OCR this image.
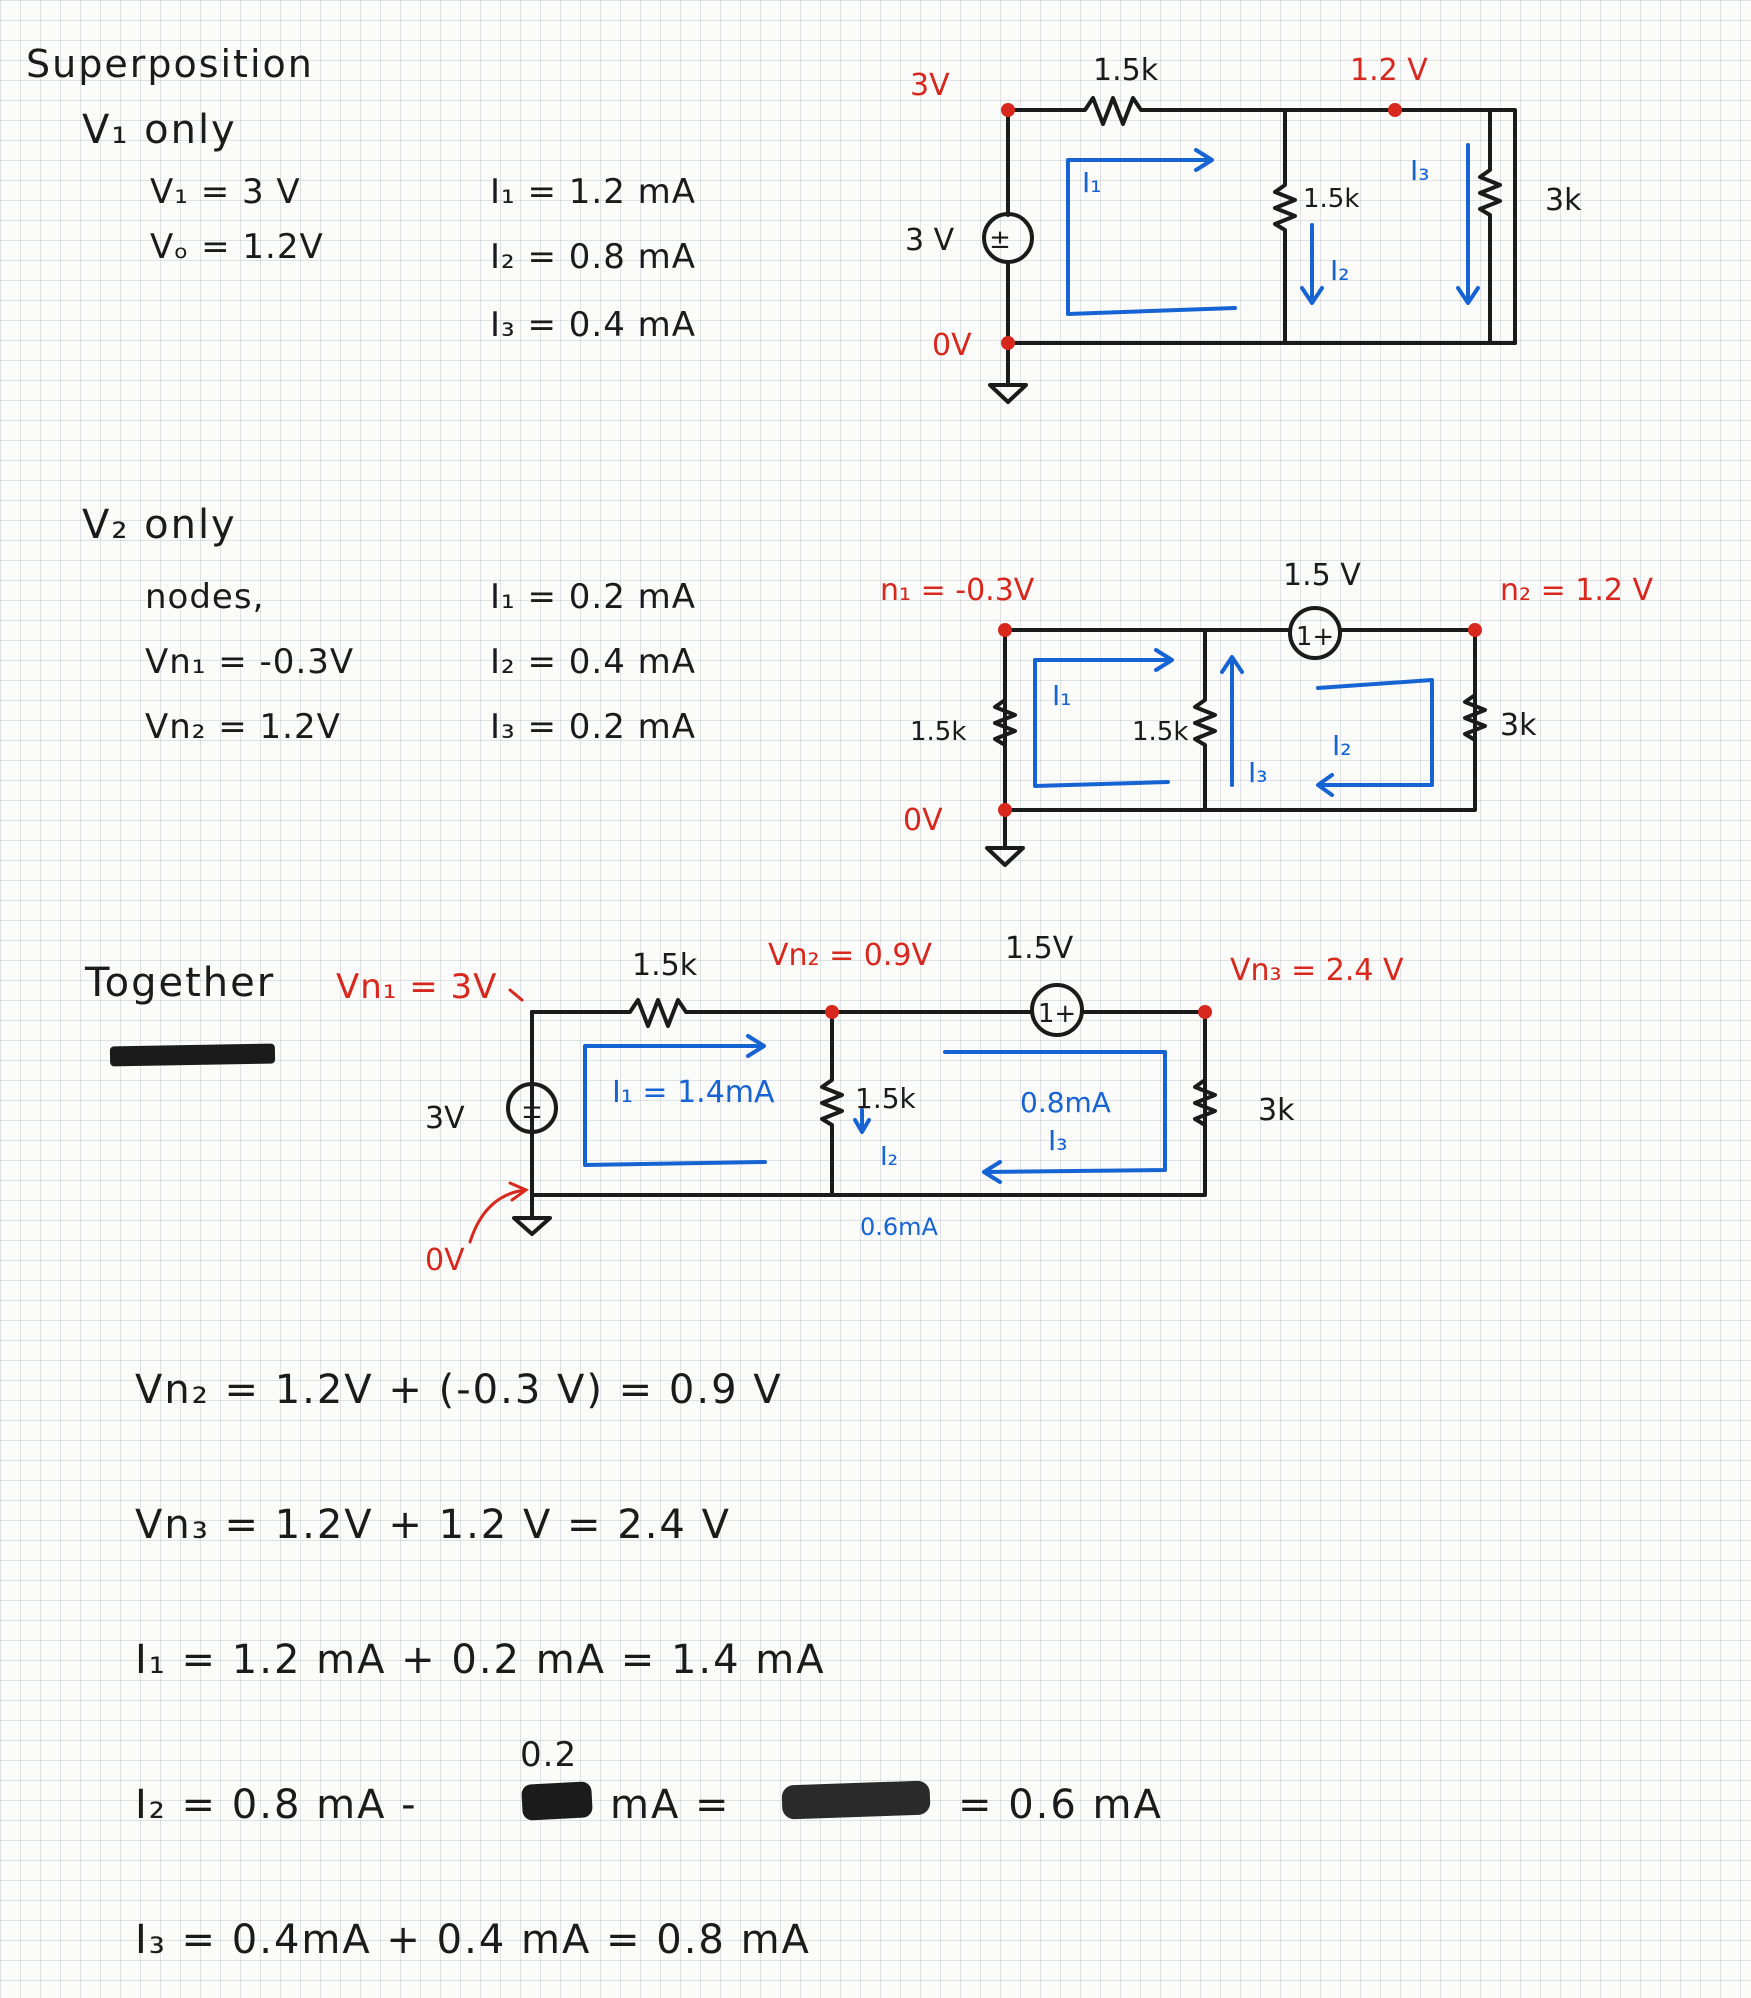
Superposition
V₁ only
V₁ = 3 V
Vₒ = 1.2V
I₁ = 1.2 mA
I₂ = 0.8 mA
I₃ = 0.4 mA
±
1.5k
3 V
1.5k	3k
3V	1.2 V
0V
I₁
I₂
I₃
V₂ only
nodes,
Vn₁ = -0.3V
Vn₂ = 1.2V
I₁ = 0.2 mA
I₂ = 0.4 mA
I₃ = 0.2 mA
1+
1.5 V
1.5k	1.5k	3k
n₁ = -0.3V	n₂ = 1.2 V
0V
I₁
I₂
I₃
Together Vn₁ = 3V
±
1+
1.5k	1.5V
3V
1.5k	3k
Vn₂ = 0.9V	Vn₃ = 2.4 V
0V
I₁ = 1.4mA
I₂
0.6mA
0.8mA
I₃
Vn₂ = 1.2V + (-0.3 V) = 0.9 V
Vn₃ = 1.2V + 1.2 V = 2.4 V
I₁ = 1.2 mA + 0.2 mA = 1.4 mA
I₂ = 0.8 mA -
0.2
mA =	= 0.6 mA
I₃ = 0.4mA + 0.4 mA = 0.8 mA
